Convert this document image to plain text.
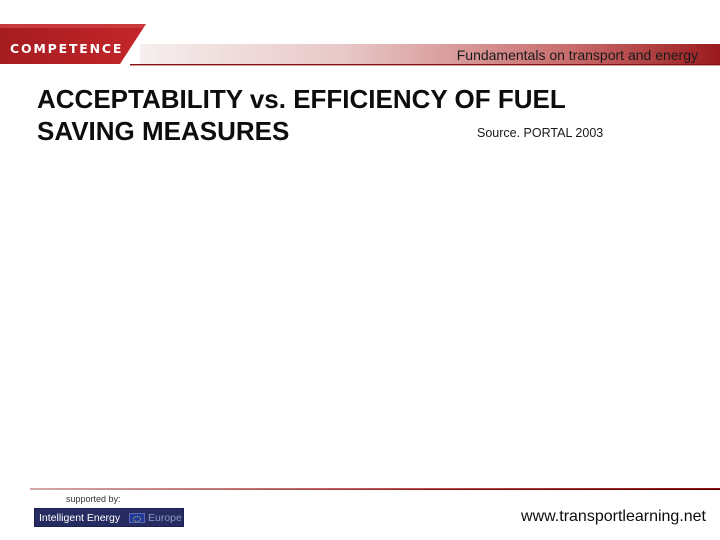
COMPETENCE	Fundamentals on transport and energy
ACCEPTABILITY vs. EFFICIENCY OF FUEL
SAVING MEASURES	Source. PORTAL 2003
supported by:
Intelligent Energy	Europe	www.transportlearning.net
